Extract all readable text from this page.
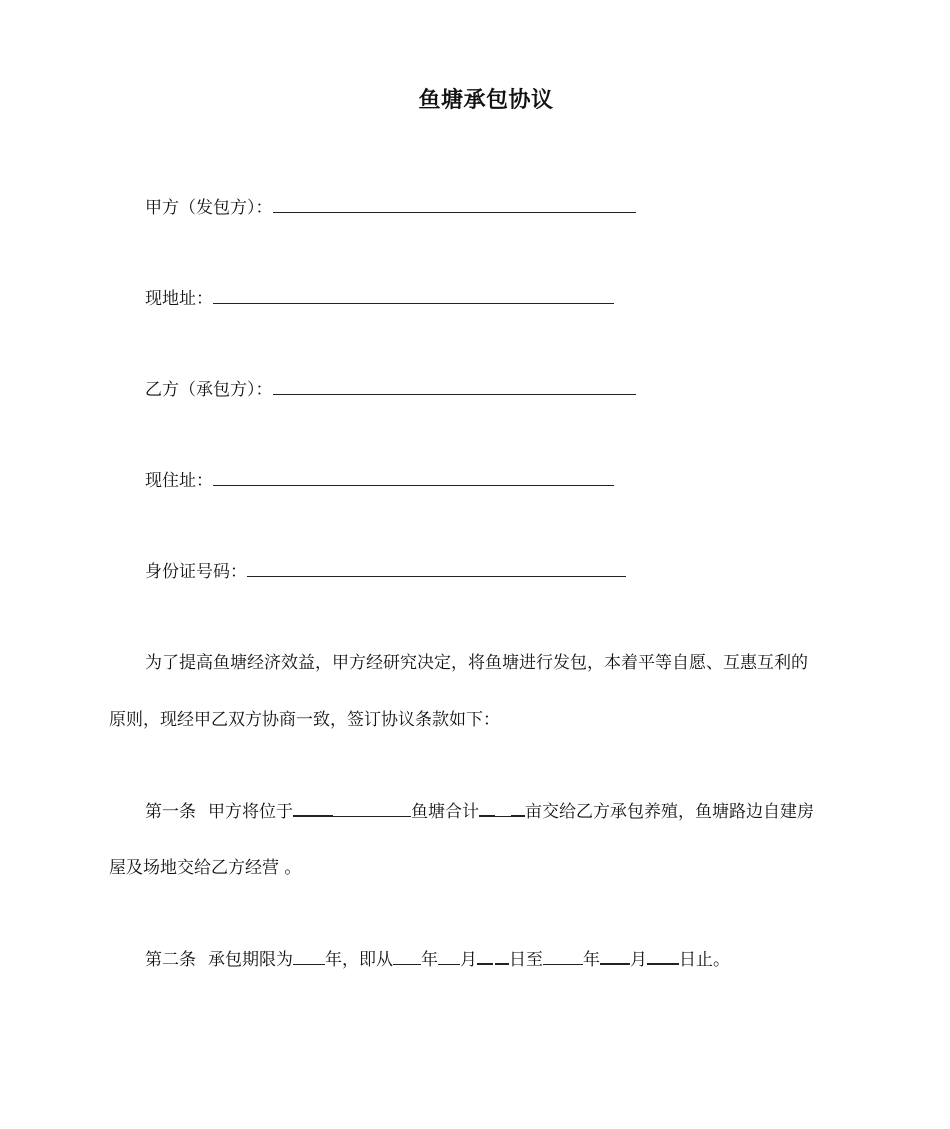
鱼塘承包协议
甲方（发包方）：
现地址：
乙方（承包方）：
现住址：
身份证号码：
为了提高鱼塘经济效益，甲方经研究决定，将鱼塘进行发包，本着平等自愿、互惠互利的
原则，现经甲乙双方协商一致，签订协议条款如下：
第一条 甲方将位于	鱼塘合计	亩交给乙方承包养殖，鱼塘路边自建房
屋及场地交给乙方经营 。
第二条 承包期限为 年，即从 年 月 日至 年 月 日止。
